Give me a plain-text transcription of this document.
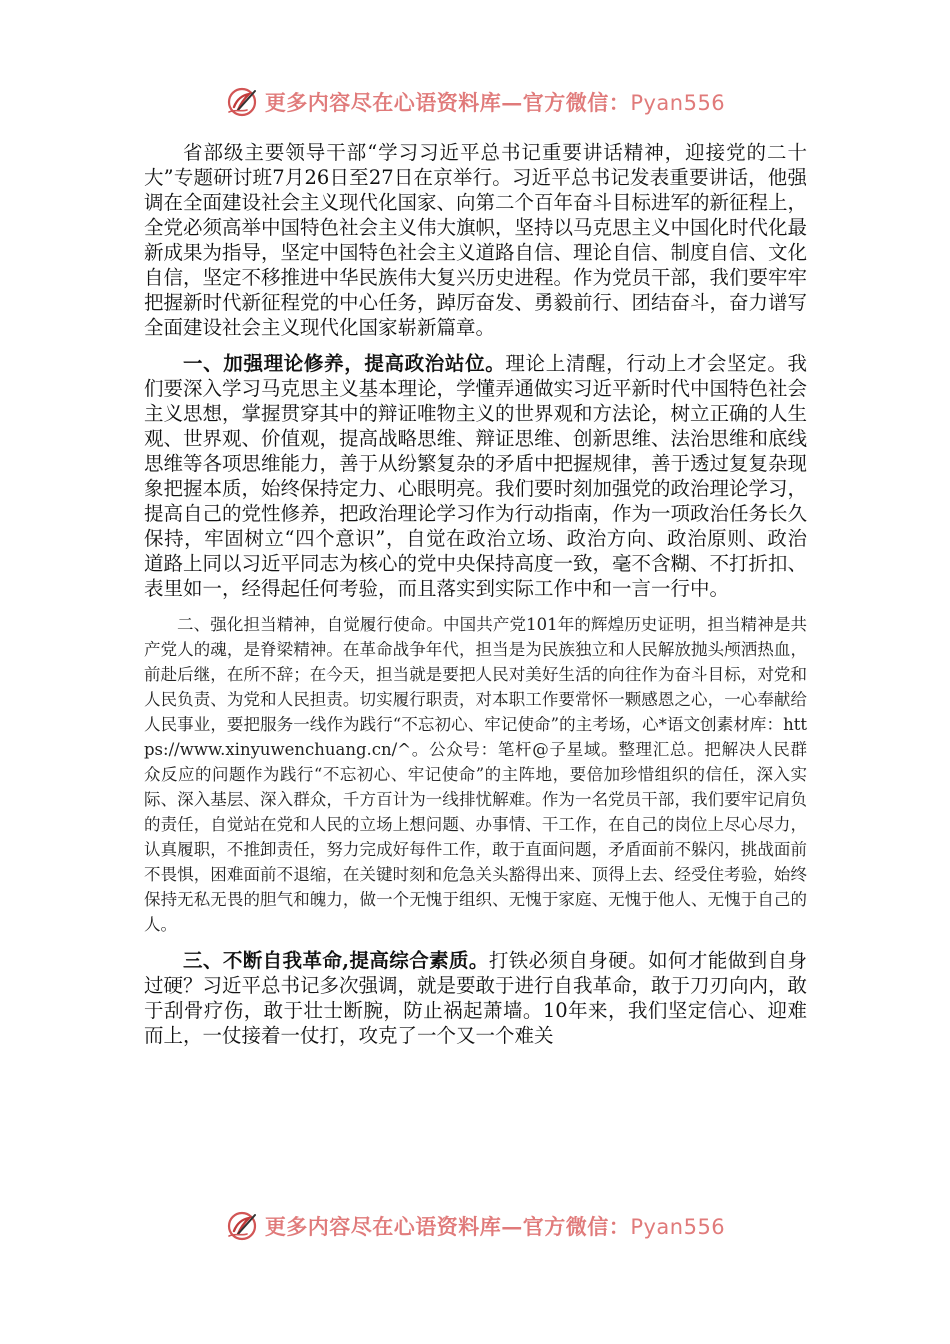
更多内容尽在心语资料库—官方微信：Pyan556

省部级主要领导干部“学习习近平总书记重要讲话精神，迎接党的二十大”专题研讨班7月26日至27日在京举行。习近平总书记发表重要讲话，他强调在全面建设社会主义现代化国家、向第二个百年奋斗目标进军的新征程上，全党必须高举中国特色社会主义伟大旗帜，坚持以马克思主义中国化时代化最新成果为指导，坚定中国特色社会主义道路自信、理论自信、制度自信、文化自信，坚定不移推进中华民族伟大复兴历史进程。作为党员干部，我们要牢牢把握新时代新征程党的中心任务，踔厉奋发、勇毅前行、团结奋斗，奋力谱写全面建设社会主义现代化国家崭新篇章。

一、加强理论修养，提高政治站位。理论上清醒，行动上才会坚定。我们要深入学习马克思主义基本理论，学懂弄通做实习近平新时代中国特色社会主义思想，掌握贯穿其中的辩证唯物主义的世界观和方法论，树立正确的人生观、世界观、价值观，提高战略思维、辩证思维、创新思维、法治思维和底线思维等各项思维能力，善于从纷繁复杂的矛盾中把握规律，善于透过复复杂现象把握本质，始终保持定力、心眼明亮。我们要时刻加强党的政治理论学习，提高自己的党性修养，把政治理论学习作为行动指南，作为一项政治任务长久保持，牢固树立“四个意识”，自觉在政治立场、政治方向、政治原则、政治道路上同以习近平同志为核心的党中央保持高度一致，毫不含糊、不打折扣、表里如一，经得起任何考验，而且落实到实际工作中和一言一行中。

二、强化担当精神，自觉履行使命。中国共产党101年的辉煌历史证明，担当精神是共产党人的魂，是脊梁精神。在革命战争年代，担当是为民族独立和人民解放抛头颅洒热血，前赴后继，在所不辞；在今天，担当就是要把人民对美好生活的向往作为奋斗目标，对党和人民负责、为党和人民担责。切实履行职责，对本职工作要常怀一颗感恩之心，一心奉献给人民事业，要把服务一线作为践行“不忘初心、牢记使命”的主考场，心*语文创素材库：https://www.xinyuwenchuang.cn/^。公众号：笔杆@子星域。整理汇总。把解决人民群众反应的问题作为践行“不忘初心、牢记使命”的主阵地，要倍加珍惜组织的信任，深入实际、深入基层、深入群众，千方百计为一线排忧解难。作为一名党员干部，我们要牢记肩负的责任，自觉站在党和人民的立场上想问题、办事情、干工作，在自己的岗位上尽心尽力，认真履职，不推卸责任，努力完成好每件工作，敢于直面问题，矛盾面前不躲闪，挑战面前不畏惧，困难面前不退缩，在关键时刻和危急关头豁得出来、顶得上去、经受住考验，始终保持无私无畏的胆气和魄力，做一个无愧于组织、无愧于家庭、无愧于他人、无愧于自己的人。

三、不断自我革命,提高综合素质。打铁必须自身硬。如何才能做到自身过硬？习近平总书记多次强调，就是要敢于进行自我革命，敢于刀刃向内，敢于刮骨疗伤，敢于壮士断腕，防止祸起萧墙。10年来，我们坚定信心、迎难而上，一仗接着一仗打，攻克了一个又一个难关

更多内容尽在心语资料库—官方微信：Pyan556
